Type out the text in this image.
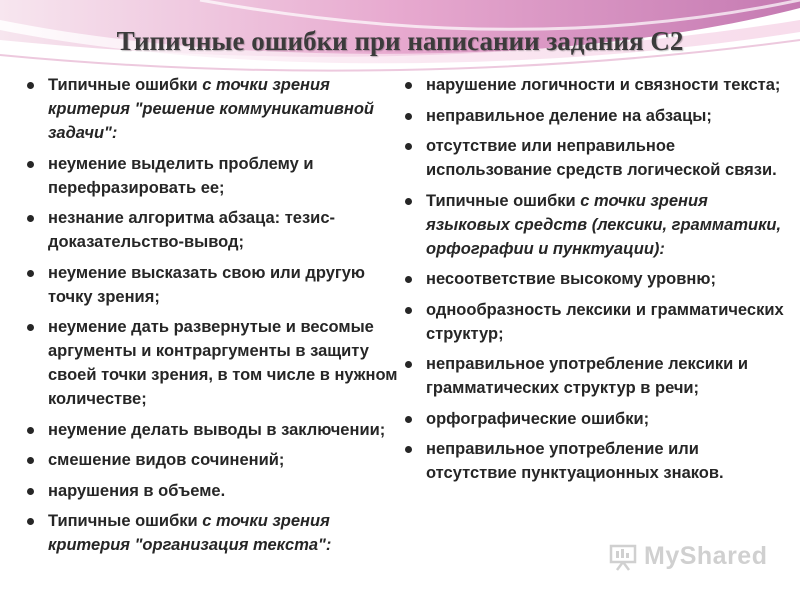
Типичные ошибки при написании задания С2
Типичные ошибки с точки зрения критерия "решение коммуникативной задачи":
неумение выделить проблему и перефразировать ее;
незнание алгоритма абзаца: тезис-доказательство-вывод;
неумение высказать свою или другую точку зрения;
неумение дать развернутые и весомые аргументы и контраргументы в защиту своей точки зрения, в том числе в нужном количестве;
неумение делать выводы в заключении;
смешение видов сочинений;
нарушения в объеме.
Типичные ошибки с точки зрения критерия "организация текста":
нарушение логичности и связности текста;
неправильное деление на абзацы;
отсутствие или неправильное использование средств логической связи.
Типичные ошибки с точки зрения языковых средств (лексики, грамматики, орфографии и пунктуации):
несоответствие высокому уровню;
однообразность лексики и грамматических структур;
неправильное употребление лексики и грамматических структур в речи;
орфографические ошибки;
неправильное употребление или отсутствие пунктуационных знаков.
MyShared
